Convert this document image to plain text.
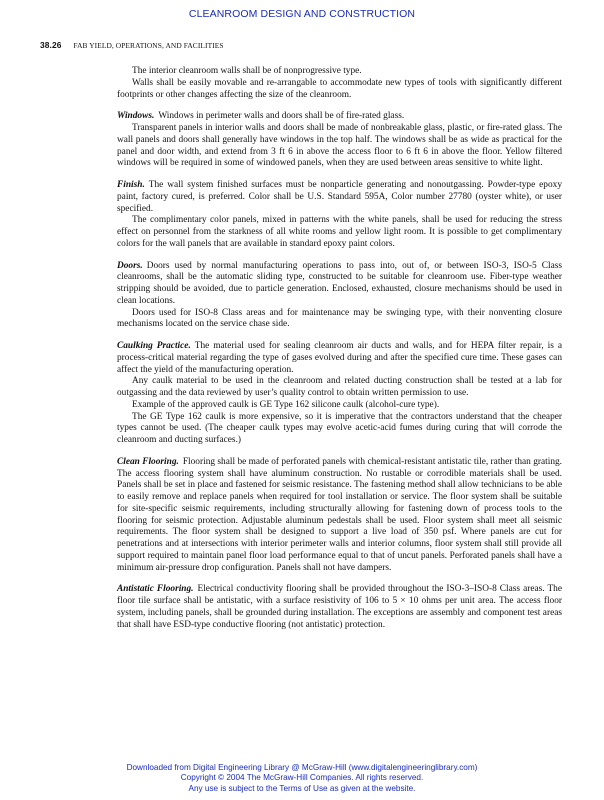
CLEANROOM DESIGN AND CONSTRUCTION
38.26 FAB YIELD, OPERATIONS, AND FACILITIES

The interior cleanroom walls shall be of nonprogressive type.

Walls shall be easily movable and re-arrangable to accommodate new types of tools with significantly different footprints or other changes affecting the size of the cleanroom.

Windows. Windows in perimeter walls and doors shall be of fire-rated glass.

Transparent panels in interior walls and doors shall be made of nonbreakable glass, plastic, or fire-rated glass. The wall panels and doors shall generally have windows in the top half. The windows shall be as wide as practical for the panel and door width, and extend from 3 ft 6 in above the access floor to 6 ft 6 in above the floor. Yellow filtered windows will be required in some of windowed panels, when they are used between areas sensitive to white light.

Finish. The wall system finished surfaces must be nonparticle generating and nonoutgassing. Powder-type epoxy paint, factory cured, is preferred. Color shall be U.S. Standard 595A, Color number 27780 (oyster white), or user specified.

The complimentary color panels, mixed in patterns with the white panels, shall be used for reducing the stress effect on personnel from the starkness of all white rooms and yellow light room. It is possible to get complimentary colors for the wall panels that are available in standard epoxy paint colors.

Doors. Doors used by normal manufacturing operations to pass into, out of, or between ISO-3, ISO-5 Class cleanrooms, shall be the automatic sliding type, constructed to be suitable for cleanroom use. Fiber-type weather stripping should be avoided, due to particle generation. Enclosed, exhausted, closure mechanisms should be used in clean locations.

Doors used for ISO-8 Class areas and for maintenance may be swinging type, with their nonventing closure mechanisms located on the service chase side.

Caulking Practice. The material used for sealing cleanroom air ducts and walls, and for HEPA filter repair, is a process-critical material regarding the type of gases evolved during and after the specified cure time. These gases can affect the yield of the manufacturing operation.

Any caulk material to be used in the cleanroom and related ducting construction shall be tested at a lab for outgassing and the data reviewed by user’s quality control to obtain written permission to use.

Example of the approved caulk is GE Type 162 silicone caulk (alcohol-cure type).

The GE Type 162 caulk is more expensive, so it is imperative that the contractors understand that the cheaper types cannot be used. (The cheaper caulk types may evolve acetic-acid fumes during curing that will corrode the cleanroom and ducting surfaces.)

Clean Flooring. Flooring shall be made of perforated panels with chemical-resistant antistatic tile, rather than grating. The access flooring system shall have aluminum construction. No rustable or corrodible materials shall be used. Panels shall be set in place and fastened for seismic resistance. The fastening method shall allow technicians to be able to easily remove and replace panels when required for tool installation or service. The floor system shall be suitable for site-specific seismic requirements, including structurally allowing for fastening down of process tools to the flooring for seismic protection. Adjustable aluminum pedestals shall be used. Floor system shall meet all seismic requirements. The floor system shall be designed to support a live load of 350 psf. Where panels are cut for penetrations and at intersections with interior perimeter walls and interior columns, floor system shall still provide all support required to maintain panel floor load performance equal to that of uncut panels. Perforated panels shall have a minimum air-pressure drop configuration. Panels shall not have dampers.

Antistatic Flooring. Electrical conductivity flooring shall be provided throughout the ISO-3–ISO-8 Class areas. The floor tile surface shall be antistatic, with a surface resistivity of 106 to 5 × 10 ohms per unit area. The access floor system, including panels, shall be grounded during installation. The exceptions are assembly and component test areas that shall have ESD-type conductive flooring (not antistatic) protection.

Downloaded from Digital Engineering Library @ McGraw-Hill (www.digitalengineeringlibrary.com)
Copyright © 2004 The McGraw-Hill Companies. All rights reserved.
Any use is subject to the Terms of Use as given at the website.
